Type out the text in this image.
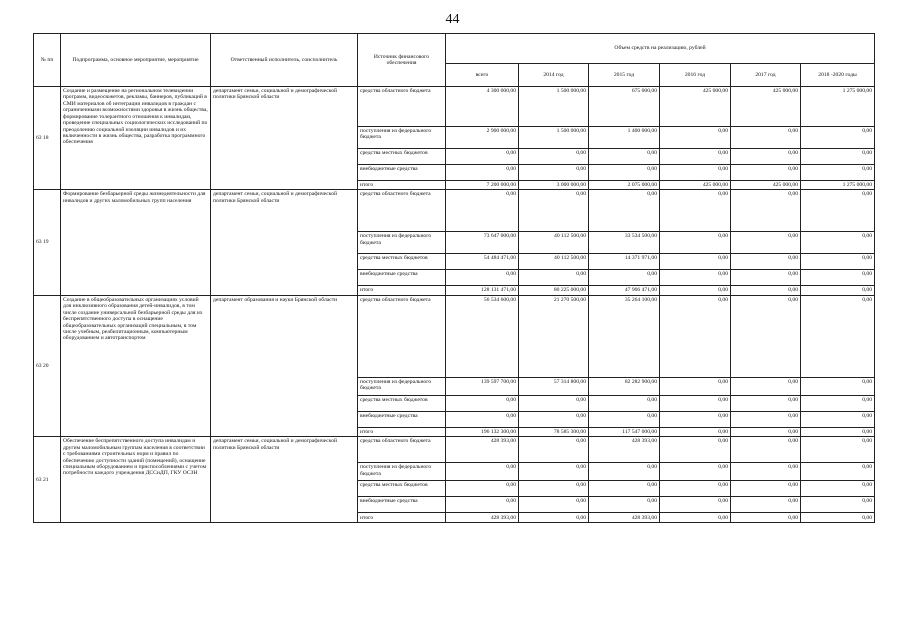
44
№ пп	Подпрограмма, основное мероприятие, мероприятие	Ответственный исполнитель, соисполнитель	Источник финансового обеспечения	Объем средств на реализацию, рублей					
				всего	2014 год	2015 год	2016 год	2017 год	2018 -2020 годы
63 18	Создание и размещение на региональном телевидении программ, видеосюжетов, рекламы, баннеров, публикаций в СМИ материалов об интеграции инвалидов в граждан с ограниченными возможностями здоровья в жизнь общества, формирование толерантного отношения к инвалидам, проведение специальных социологических исследований по преодолению социальной изоляции инвалидов и их включенности в жизнь общества, разработка программного обеспечения	департамент семьи, социальной и демографической политики Брянской области	средства областного бюджета	4 300 000,00	1 500 000,00	675 000,00	425 000,00	425 000,00	1 275 000,00
			поступления из федерального бюджета	2 900 000,00	1 500 000,00	1 400 000,00	0,00	0,00	0,00
			средства местных бюджетов	0,00	0,00	0,00	0,00	0,00	0,00
			внебюджетные средства	0,00	0,00	0,00	0,00	0,00	0,00
			итого	7 200 000,00	3 000 000,00	2 075 000,00	425 000,00	425 000,00	1 275 000,00
63 19	Формирование безбарьерной среды жизнедеятельности для инвалидов и других маломобильных групп населения	департамент семьи, социальной и демографической политики Брянской области	средства областного бюджета	0,00	0,00	0,00	0,00	0,00	0,00
			поступления из федерального бюджета	73 647 000,00	40 112 500,00	33 534 500,00	0,00	0,00	0,00
			средства местных бюджетов	54 484 471,00	40 112 500,00	14 371 971,00	0,00	0,00	0,00
			внебюджетные средства	0,00	0,00	0,00	0,00	0,00	0,00
			итого	128 131 471,00	80 225 000,00	47 906 471,00	0,00	0,00	0,00
63 20	Создание в общеобразовательных организациях условий для инклюзивного образования детей-инвалидов, в том числе создание универсальной безбарьерной среды для их беспрепятственного доступа в оснащение общеобразовательных организаций специальным, в том числе учебным, реабилитационным, компьютерным оборудованием и автотранспортом	департамент образования и науки Брянской области	средства областного бюджета	56 534 600,00	21 270 500,00	35 264 100,00	0,00	0,00	0,00
			поступления из федерального бюджета	139 597 700,00	57 314 800,00	82 282 900,00	0,00	0,00	0,00
			средства местных бюджетов	0,00	0,00	0,00	0,00	0,00	0,00
			внебюджетные средства	0,00	0,00	0,00	0,00	0,00	0,00
			итого	196 132 300,00	78 585 300,00	117 547 000,00	0,00	0,00	0,00
63 21	Обеспечение беспрепятственного доступа инвалидам и другим маломобильным группам населения в соответствии с требованиями строительных норм и правил по обеспечению доступности зданий (помещений), оснащение специальным оборудованием и приспособлениями с учетом потребности каждого учреждения ДССиДП, ГКУ ОСЗН	департамент семьи, социальной и демографической политики Брянской области	средства областного бюджета	428 393,00	0,00	428 393,00	0,00	0,00	0,00
			поступления из федерального бюджета	0,00	0,00	0,00	0,00	0,00	0,00
			средства местных бюджетов	0,00	0,00	0,00	0,00	0,00	0,00
			внебюджетные средства	0,00	0,00	0,00	0,00	0,00	0,00
			итого	428 393,00	0,00	428 393,00	0,00	0,00	0,00
